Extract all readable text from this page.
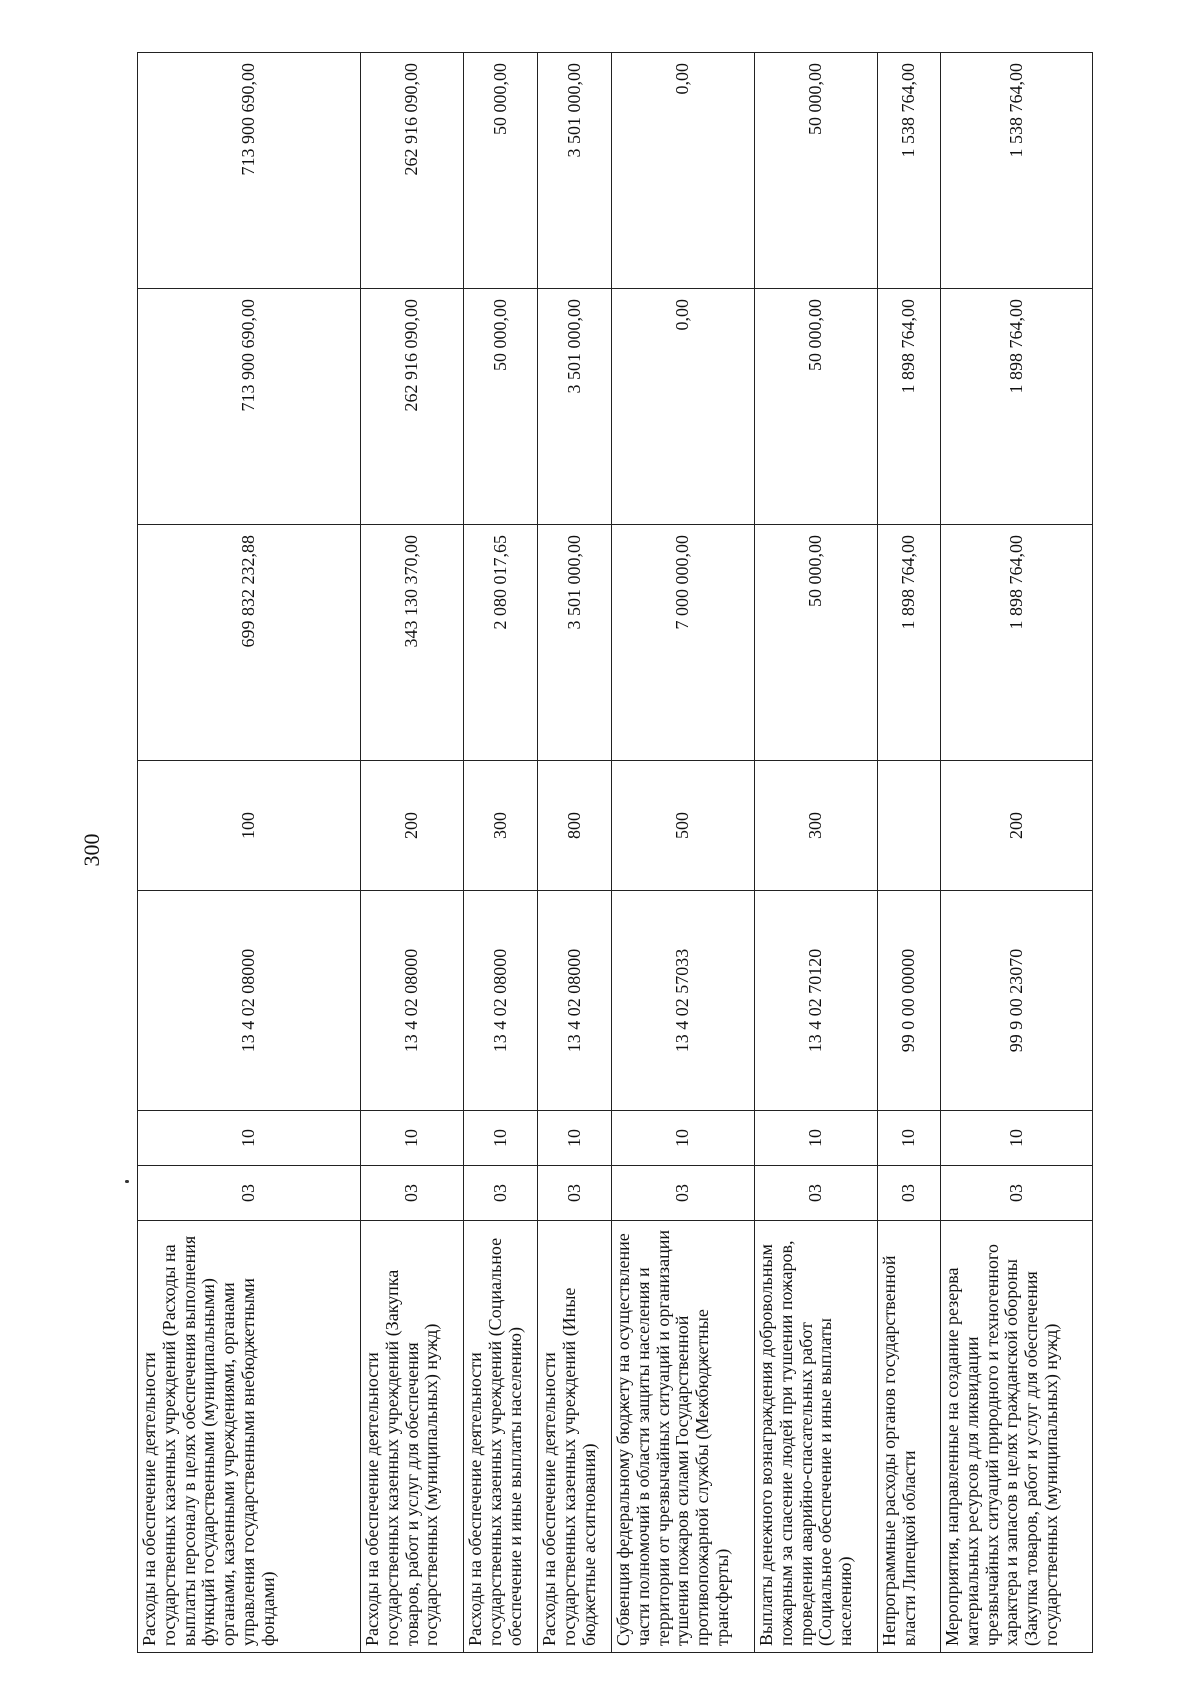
300
Расходы на обеспечение деятельности государственных казенных учреждений (Расходы на выплаты персоналу в целях обеспечения выполнения функций государственными (муниципальными) органами, казенными учреждениями, органами управления государственными внебюджетными фондами)	03	10	13 4 02 08000	100	699 832 232,88	713 900 690,00	713 900 690,00
Расходы на обеспечение деятельности государственных казенных учреждений (Закупка товаров, работ и услуг для обеспечения государственных (муниципальных) нужд)	03	10	13 4 02 08000	200	343 130 370,00	262 916 090,00	262 916 090,00
Расходы на обеспечение деятельности государственных казенных учреждений (Социальное обеспечение и иные выплаты населению)	03	10	13 4 02 08000	300	2 080 017,65	50 000,00	50 000,00
Расходы на обеспечение деятельности государственных казенных учреждений (Иные бюджетные ассигнования)	03	10	13 4 02 08000	800	3 501 000,00	3 501 000,00	3 501 000,00
Субвенция федеральному бюджету на осуществление части полномочий в области защиты населения и территории от чрезвычайных ситуаций и организации тушения пожаров силами Государственной противопожарной службы (Межбюджетные трансферты)	03	10	13 4 02 57033	500	7 000 000,00	0,00	0,00
Выплаты денежного вознаграждения добровольным пожарным за спасение людей при тушении пожаров, проведении аварийно-спасательных работ (Социальное обеспечение и иные выплаты населению)	03	10	13 4 02 70120	300	50 000,00	50 000,00	50 000,00
Непрограммные расходы органов государственной власти Липецкой области	03	10	99 0 00 00000		1 898 764,00	1 898 764,00	1 538 764,00
Мероприятия, направленные на создание резерва материальных ресурсов для ликвидации чрезвычайных ситуаций природного и техногенного характера и запасов в целях гражданской обороны (Закупка товаров, работ и услуг для обеспечения государственных (муниципальных) нужд)	03	10	99 9 00 23070	200	1 898 764,00	1 898 764,00	1 538 764,00
